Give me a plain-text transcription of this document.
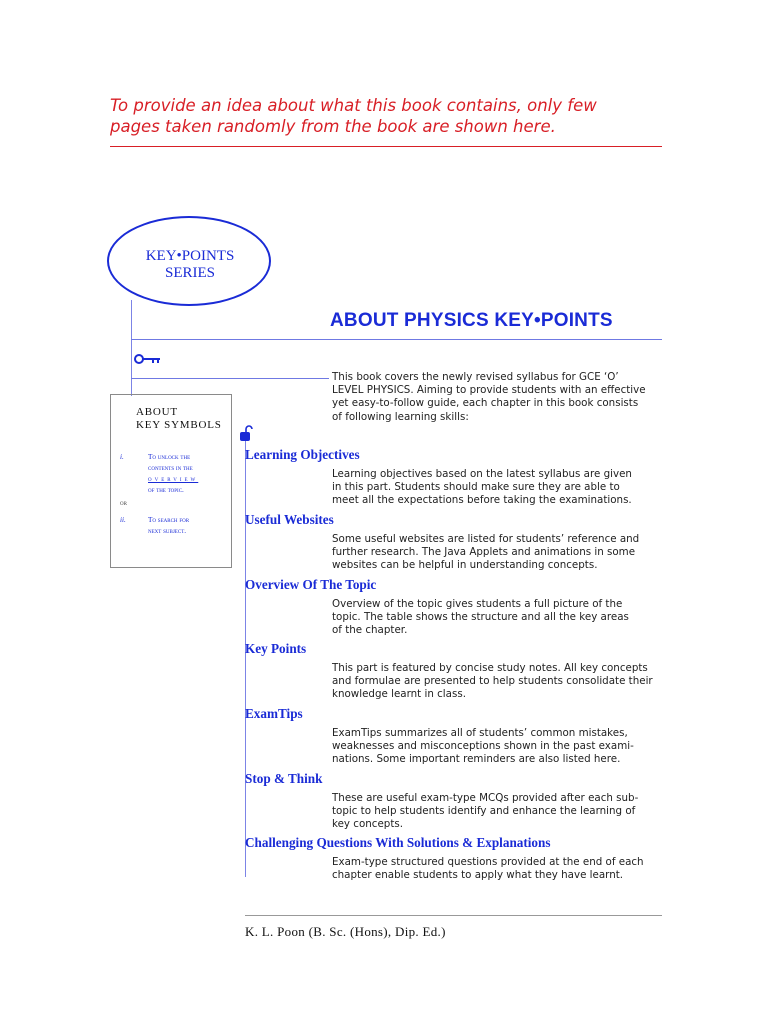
To provide an idea about what this book contains, only few
pages taken randomly from the book are shown here.
KEY•POINTS
SERIES
ABOUT PHYSICS KEY•POINTS
This book covers the newly revised syllabus for GCE ‘O’
LEVEL PHYSICS. Aiming to provide students with an effective
yet easy-to-follow guide, each chapter in this book consists
of following learning skills:
ABOUT
KEY SYMBOLS
i.	To unlock the
contents in the
overview
of the topic.
or
ii.	To search for
next subject.
Learning Objectives
Learning objectives based on the latest syllabus are given
in this part. Students should make sure they are able to
meet all the expectations before taking the examinations.
Useful Websites
Some useful websites are listed for students’ reference and
further research. The Java Applets and animations in some
websites can be helpful in understanding concepts.
Overview Of The Topic
Overview of the topic gives students a full picture of the
topic. The table shows the structure and all the key areas
of the chapter.
Key Points
This part is featured by concise study notes. All key concepts
and formulae are presented to help students consolidate their
knowledge learnt in class.
ExamTips
ExamTips summarizes all of students’ common mistakes,
weaknesses and misconceptions shown in the past exami-
nations. Some important reminders are also listed here.
Stop & Think
These are useful exam-type MCQs provided after each sub-
topic to help students identify and enhance the learning of
key concepts.
Challenging Questions With Solutions & Explanations
Exam-type structured questions provided at the end of each
chapter enable students to apply what they have learnt.
K. L. Poon (B. Sc. (Hons), Dip. Ed.)
